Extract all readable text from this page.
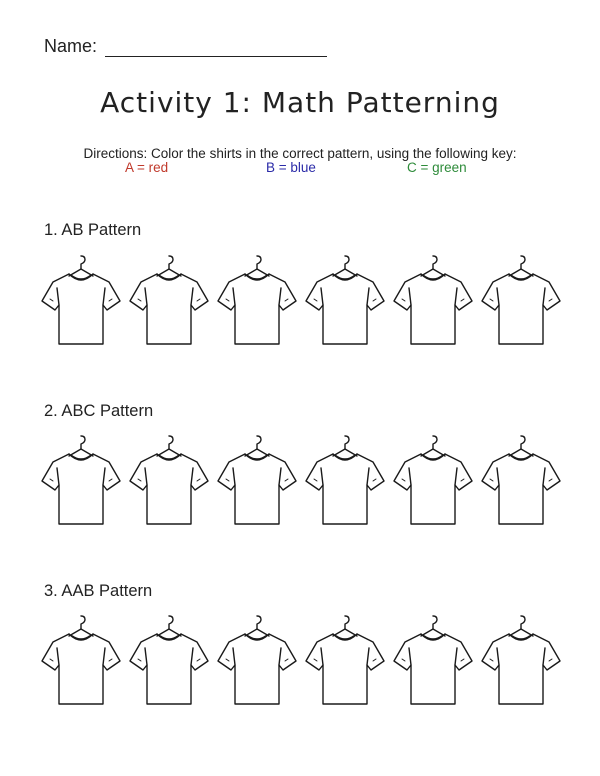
Name:
Activity 1: Math Patterning
Directions: Color the shirts in the correct pattern, using the following key:
A = red	B = blue	C = green
1. AB Pattern
2. ABC Pattern
3. AAB Pattern
